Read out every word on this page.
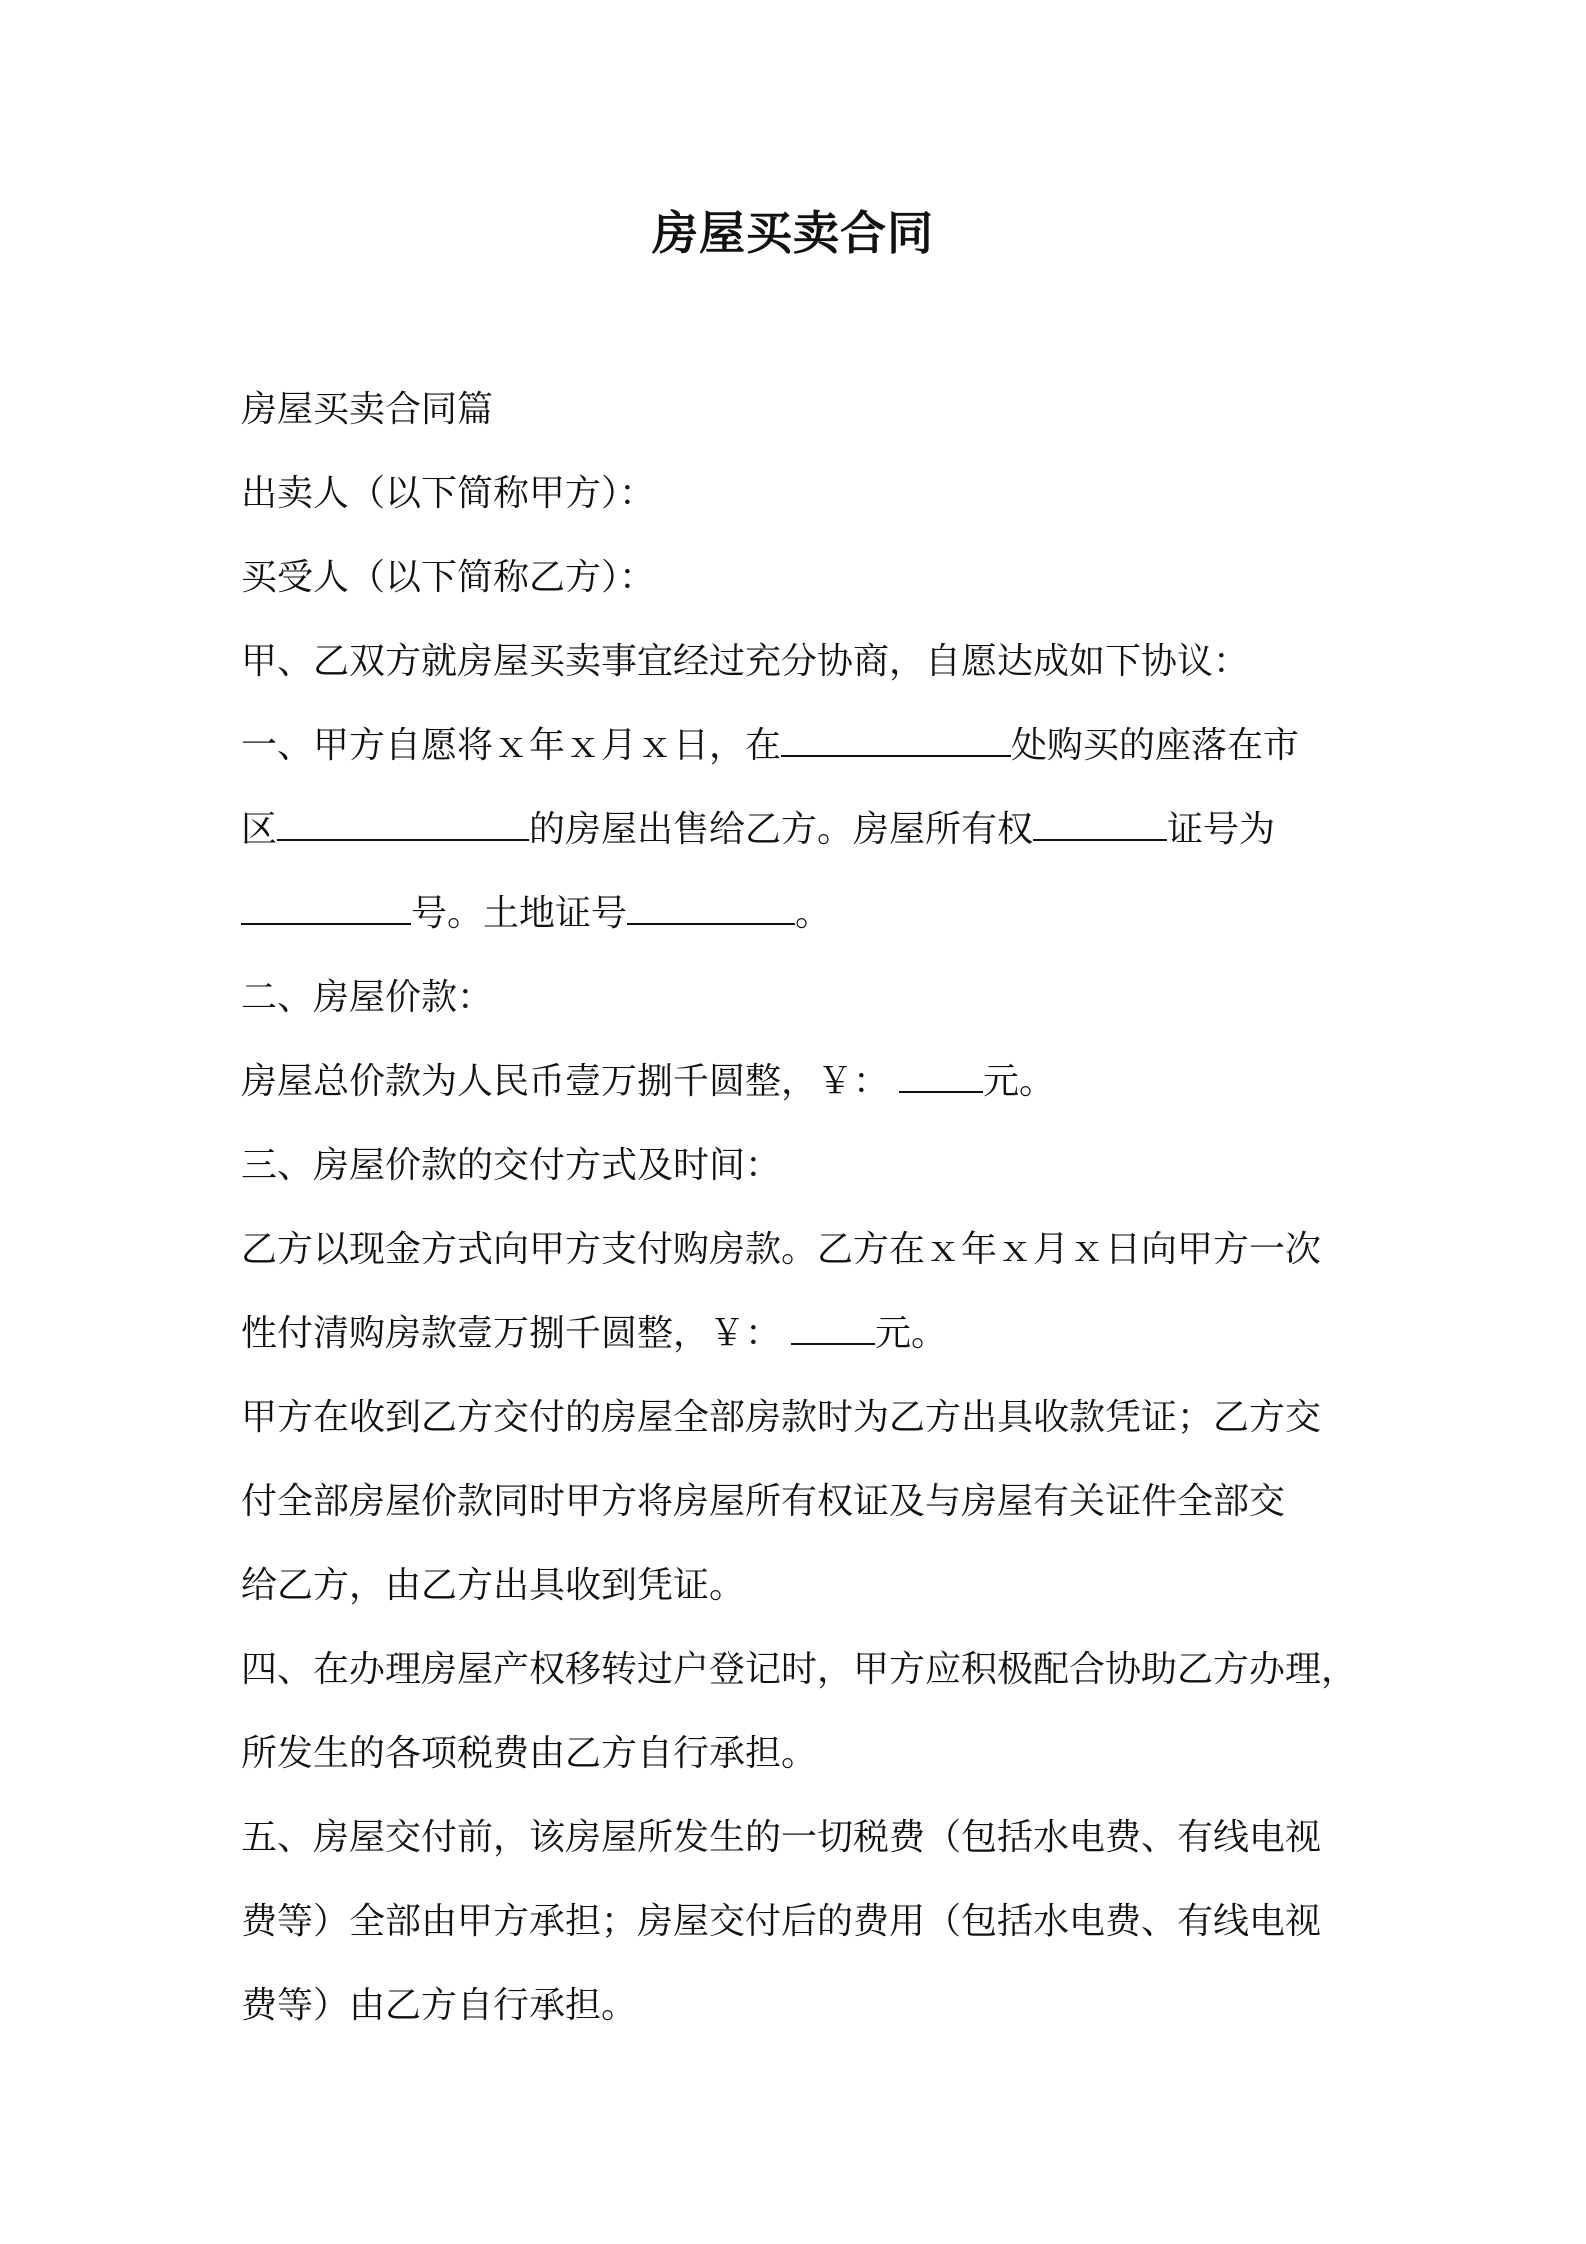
房屋买卖合同

房屋买卖合同篇

出卖人（以下简称甲方）：

买受人（以下简称乙方）：

甲、乙双方就房屋买卖事宜经过充分协商，自愿达成如下协议：

一、甲方自愿将ｘ年ｘ月ｘ日，在	处购买的座落在市

区	的房屋出售给乙方。房屋所有权	证号为

号。土地证号	。

二、房屋价款：

房屋总价款为人民币壹万捌千圆整，￥：	元。

三、房屋价款的交付方式及时间：

乙方以现金方式向甲方支付购房款。乙方在ｘ年ｘ月ｘ日向甲方一次

性付清购房款壹万捌千圆整，￥：	元。

甲方在收到乙方交付的房屋全部房款时为乙方出具收款凭证；乙方交

付全部房屋价款同时甲方将房屋所有权证及与房屋有关证件全部交

给乙方，由乙方出具收到凭证。

四、在办理房屋产权移转过户登记时，甲方应积极配合协助乙方办理，

所发生的各项税费由乙方自行承担。

五、房屋交付前，该房屋所发生的一切税费（包括水电费、有线电视

费等）全部由甲方承担；房屋交付后的费用（包括水电费、有线电视

费等）由乙方自行承担。
